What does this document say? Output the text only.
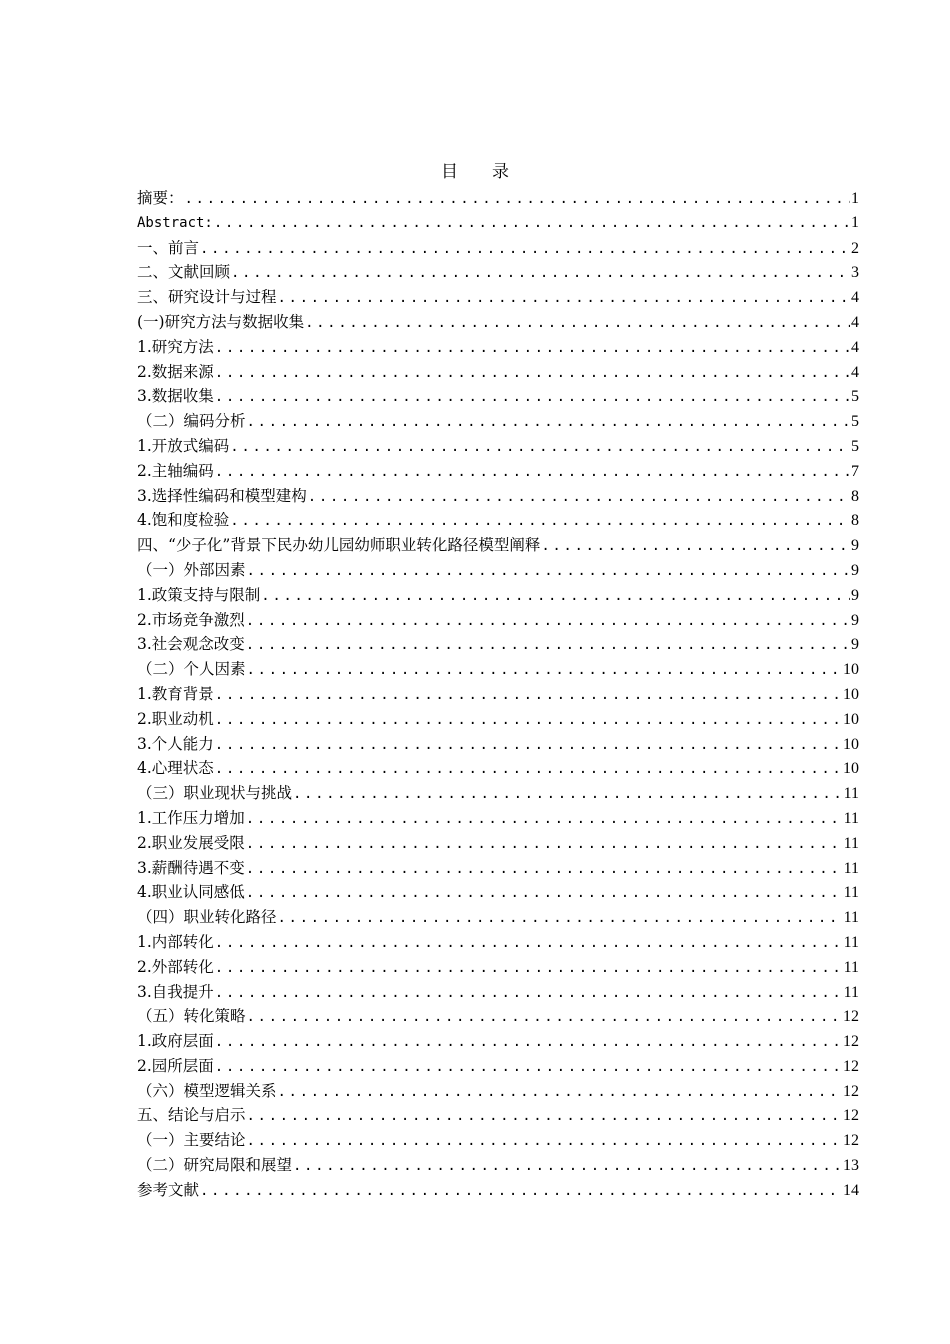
目　　录
摘要： .....	1
Abstract: .....	1
一、前言 .....	2
二、文献回顾 .....	3
三、研究设计与过程 .....	4
(一)研究方法与数据收集 .....	4
1.研究方法 .....	4
2.数据来源 .....	4
3.数据收集 .....	5
（二）编码分析 .....	5
1.开放式编码 .....	5
2.主轴编码 .....	7
3.选择性编码和模型建构 .....	8
4.饱和度检验 .....	8
四、“少子化”背景下民办幼儿园幼师职业转化路径模型阐释 .....	9
（一）外部因素 .....	9
1.政策支持与限制 .....	9
2.市场竞争激烈 .....	9
3.社会观念改变 .....	9
（二）个人因素 .....	10
1.教育背景 .....	10
2.职业动机 .....	10
3.个人能力 .....	10
4.心理状态 .....	10
（三）职业现状与挑战 .....	11
1.工作压力增加 .....	11
2.职业发展受限 .....	11
3.薪酬待遇不变 .....	11
4.职业认同感低 .....	11
（四）职业转化路径 .....	11
1.内部转化 .....	11
2.外部转化 .....	11
3.自我提升 .....	11
（五）转化策略 .....	12
1.政府层面 .....	12
2.园所层面 .....	12
（六）模型逻辑关系 .....	12
五、结论与启示 .....	12
（一）主要结论 .....	12
（二）研究局限和展望 .....	13
参考文献 .....	14
